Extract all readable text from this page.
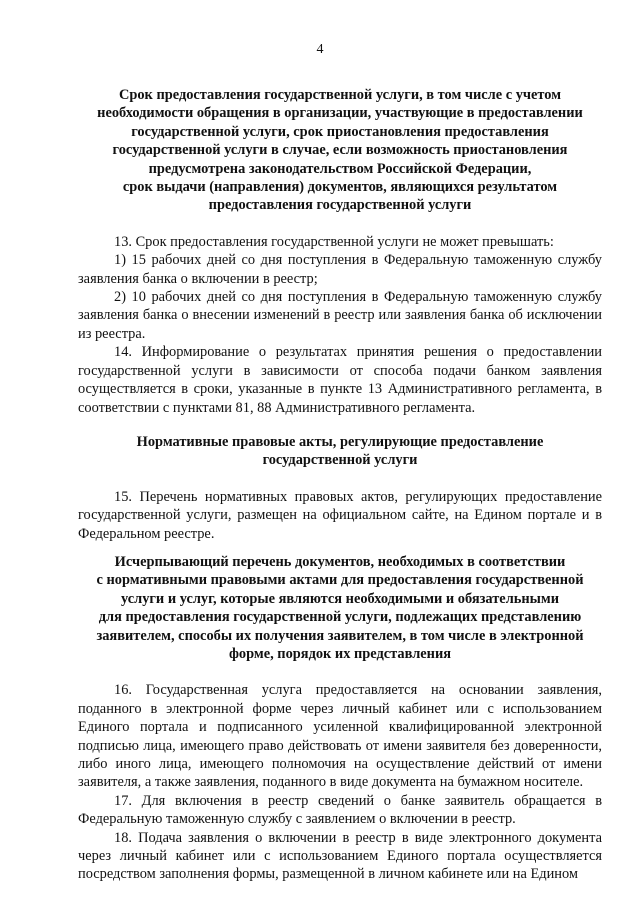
4
Срок предоставления государственной услуги, в том числе с учетом
необходимости обращения в организации, участвующие в предоставлении
государственной услуги, срок приостановления предоставления
государственной услуги в случае, если возможность приостановления
предусмотрена законодательством Российской Федерации,
срок выдачи (направления) документов, являющихся результатом
предоставления государственной услуги

13. Срок предоставления государственной услуги не может превышать:

1) 15 рабочих дней со дня поступления в Федеральную таможенную службу заявления банка о включении в реестр;

2) 10 рабочих дней со дня поступления в Федеральную таможенную службу заявления банка о внесении изменений в реестр или заявления банка об исключении из реестра.

14. Информирование о результатах принятия решения о предоставлении государственной услуги в зависимости от способа подачи банком заявления осуществляется в сроки, указанные в пункте 13 Административного регламента, в соответствии с пунктами 81, 88 Административного регламента.

Нормативные правовые акты, регулирующие предоставление
государственной услуги

15. Перечень нормативных правовых актов, регулирующих предоставление государственной услуги, размещен на официальном сайте, на Едином портале и в Федеральном реестре.

Исчерпывающий перечень документов, необходимых в соответствии
с нормативными правовыми актами для предоставления государственной
услуги и услуг, которые являются необходимыми и обязательными
для предоставления государственной услуги, подлежащих представлению
заявителем, способы их получения заявителем, в том числе в электронной
форме, порядок их представления

16. Государственная услуга предоставляется на основании заявления, поданного в электронной форме через личный кабинет или с использованием Единого портала и подписанного усиленной квалифицированной электронной подписью лица, имеющего право действовать от имени заявителя без доверенности, либо иного лица, имеющего полномочия на осуществление действий от имени заявителя, а также заявления, поданного в виде документа на бумажном носителе.

17. Для включения в реестр сведений о банке заявитель обращается в Федеральную таможенную службу с заявлением о включении в реестр.

18. Подача заявления о включении в реестр в виде электронного документа через личный кабинет или с использованием Единого портала осуществляется посредством заполнения формы, размещенной в личном кабинете или на Едином
